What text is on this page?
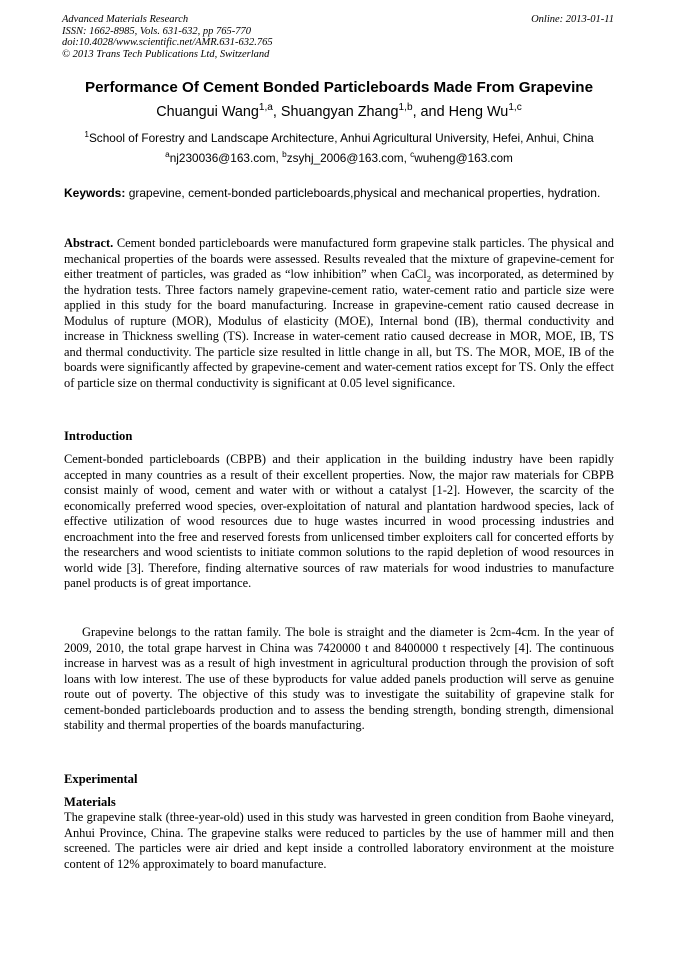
Advanced Materials Research
ISSN: 1662-8985, Vols. 631-632, pp 765-770
doi:10.4028/www.scientific.net/AMR.631-632.765
© 2013 Trans Tech Publications Ltd, Switzerland
Online: 2013-01-11
Performance Of Cement Bonded Particleboards Made From Grapevine
Chuangui Wang$^{1,a}$, Shuangyan Zhang$^{1,b}$, and Heng Wu$^{1,c}$
$^1$School of Forestry and Landscape Architecture, Anhui Agricultural University, Hefei, Anhui, China
$^a$nj230036@163.com, $^b$zsyhj_2006@163.com, $^c$wuheng@163.com
Keywords: grapevine, cement-bonded particleboards,physical and mechanical properties, hydration.
Abstract. Cement bonded particleboards were manufactured form grapevine stalk particles. The physical and mechanical properties of the boards were assessed. Results revealed that the mixture of grapevine-cement for either treatment of particles, was graded as “low inhibition” when CaCl$_2$ was incorporated, as determined by the hydration tests. Three factors namely grapevine-cement ratio, water-cement ratio and particle size were applied in this study for the board manufacturing. Increase in grapevine-cement ratio caused decrease in Modulus of rupture (MOR), Modulus of elasticity (MOE), Internal bond (IB), thermal conductivity and increase in Thickness swelling (TS). Increase in water-cement ratio caused decrease in MOR, MOE, IB, TS and thermal conductivity. The particle size resulted in little change in all, but TS. The MOR, MOE, IB of the boards were significantly affected by grapevine-cement and water-cement ratios except for TS. Only the effect of particle size on thermal conductivity is significant at 0.05 level significance.
Introduction
Cement-bonded particleboards (CBPB) and their application in the building industry have been rapidly accepted in many countries as a result of their excellent properties. Now, the major raw materials for CBPB consist mainly of wood, cement and water with or without a catalyst [1-2]. However, the scarcity of the economically preferred wood species, over-exploitation of natural and plantation hardwood species, lack of effective utilization of wood resources due to huge wastes incurred in wood processing industries and encroachment into the free and reserved forests from unlicensed timber exploiters call for concerted efforts by the researchers and wood scientists to initiate common solutions to the rapid depletion of wood resources in world wide [3]. Therefore, finding alternative sources of raw materials for wood industries to manufacture panel products is of great importance.
Grapevine belongs to the rattan family. The bole is straight and the diameter is 2cm-4cm. In the year of 2009, 2010, the total grape harvest in China was 7420000 t and 8400000 t respectively [4]. The continuous increase in harvest was as a result of high investment in agricultural production through the provision of soft loans with low interest. The use of these byproducts for value added panels production will serve as genuine route out of poverty. The objective of this study was to investigate the suitability of grapevine stalk for cement-bonded particleboards production and to assess the bending strength, bonding strength, dimensional stability and thermal properties of the boards manufacturing.
Experimental
Materials
The grapevine stalk (three-year-old) used in this study was harvested in green condition from Baohe vineyard, Anhui Province, China. The grapevine stalks were reduced to particles by the use of hammer mill and then screened. The particles were air dried and kept inside a controlled laboratory environment at the moisture content of 12% approximately to board manufacture.
